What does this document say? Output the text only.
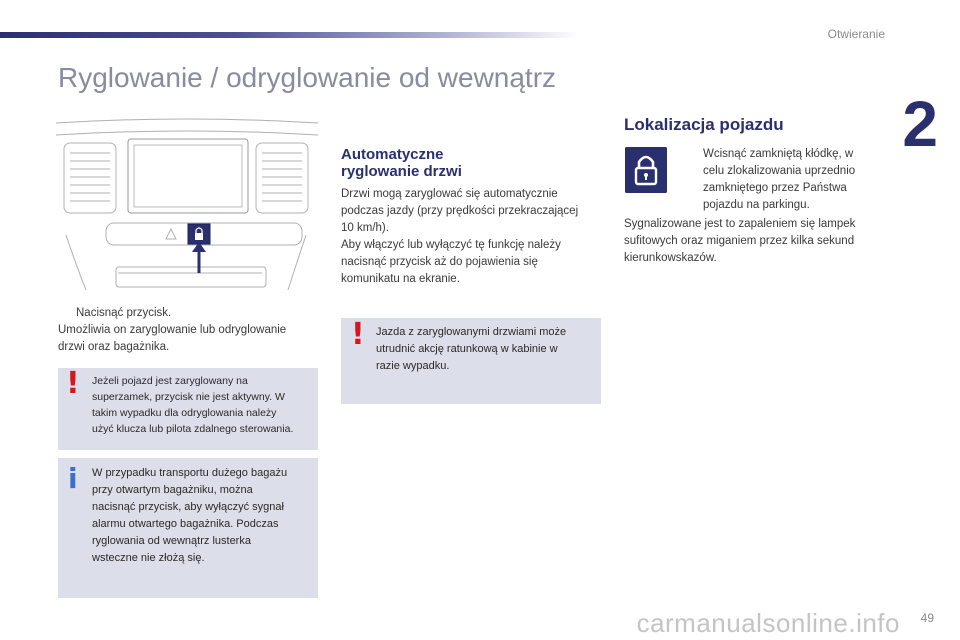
Otwieranie
2
Ryglowanie / odryglowanie od wewnątrz
Nacisnąć przycisk.
Umożliwia on zaryglowanie lub odryglowanie
drzwi oraz bagażnika.
! Jeżeli pojazd jest zaryglowany na
superzamek, przycisk nie jest aktywny. W
takim wypadku dla odryglowania należy
użyć klucza lub pilota zdalnego sterowania.
i W przypadku transportu dużego bagażu
przy otwartym bagażniku, można
nacisnąć przycisk, aby wyłączyć sygnał
alarmu otwartego bagażnika. Podczas
ryglowania od wewnątrz lusterka
wsteczne nie złożą się.
Automatyczne
ryglowanie drzwi
Drzwi mogą zaryglować się automatycznie
podczas jazdy (przy prędkości przekraczającej
10 km/h).
Aby włączyć lub wyłączyć tę funkcję należy
nacisnąć przycisk aż do pojawienia się
komunikatu na ekranie.
! Jazda z zaryglowanymi drzwiami może
utrudnić akcję ratunkową w kabinie w
razie wypadku.
Lokalizacja pojazdu
Wcisnąć zamkniętą kłódkę, w
celu zlokalizowania uprzednio
zamkniętego przez Państwa
pojazdu na parkingu.
Sygnalizowane jest to zapaleniem się lampek
sufitowych oraz miganiem przez kilka sekund
kierunkowskazów.
carmanualsonline.info 49
